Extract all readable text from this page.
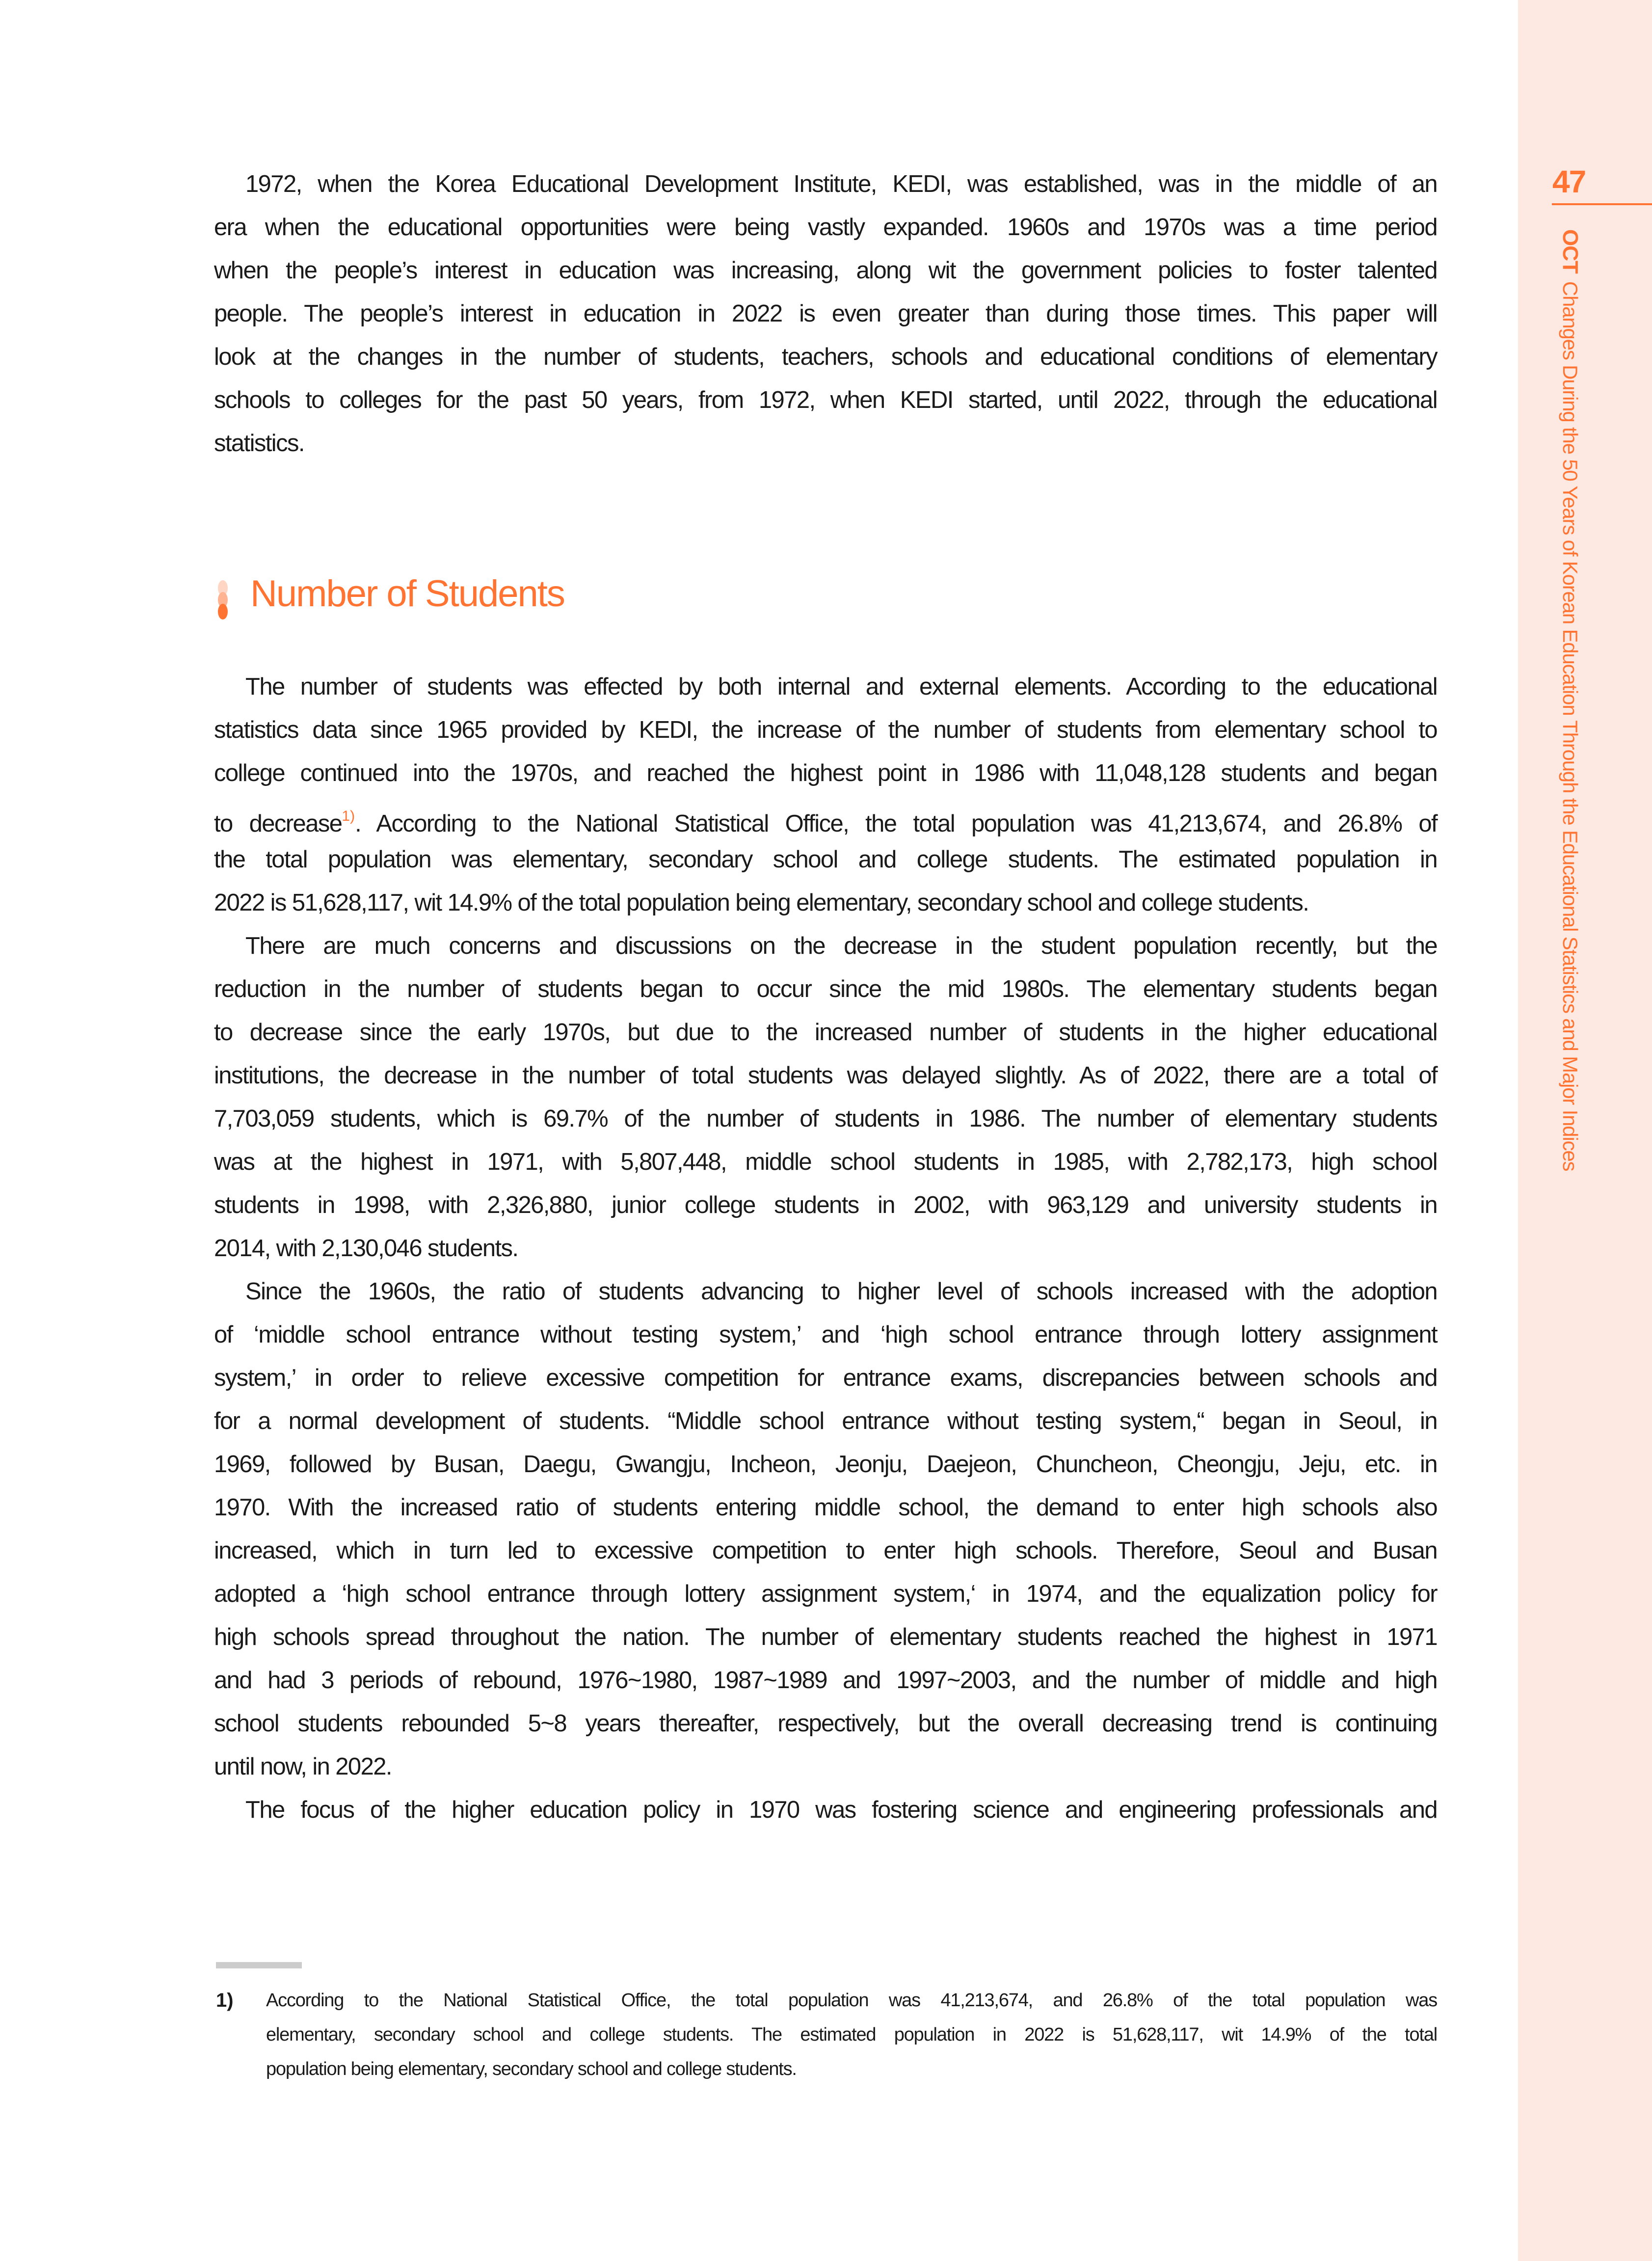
1972, when the Korea Educational Development Institute, KEDI, was established, was in the middle of an
era when the educational opportunities were being vastly expanded. 1960s and 1970s was a time period
when the people’s interest in education was increasing, along wit the government policies to foster talented
people. The people’s interest in education in 2022 is even greater than during those times. This paper will
look at the changes in the number of students, teachers, schools and educational conditions of elementary
schools to colleges for the past 50 years, from 1972, when KEDI started, until 2022, through the educational
statistics.
Number of Students
The number of students was effected by both internal and external elements. According to the educational
statistics data since 1965 provided by KEDI, the increase of the number of students from elementary school to
college continued into the 1970s, and reached the highest point in 1986 with 11,048,128 students and began
to decrease$^{1)}$. According to the National Statistical Office, the total population was 41,213,674, and 26.8% of
the total population was elementary, secondary school and college students. The estimated population in
2022 is 51,628,117, wit 14.9% of the total population being elementary, secondary school and college students.
There are much concerns and discussions on the decrease in the student population recently, but the
reduction in the number of students began to occur since the mid 1980s. The elementary students began
to decrease since the early 1970s, but due to the increased number of students in the higher educational
institutions, the decrease in the number of total students was delayed slightly. As of 2022, there are a total of
7,703,059 students, which is 69.7% of the number of students in 1986. The number of elementary students
was at the highest in 1971, with 5,807,448, middle school students in 1985, with 2,782,173, high school
students in 1998, with 2,326,880, junior college students in 2002, with 963,129 and university students in
2014, with 2,130,046 students.
Since the 1960s, the ratio of students advancing to higher level of schools increased with the adoption
of ‘middle school entrance without testing system,’ and ‘high school entrance through lottery assignment
system,’ in order to relieve excessive competition for entrance exams, discrepancies between schools and
for a normal development of students. “Middle school entrance without testing system,“ began in Seoul, in
1969, followed by Busan, Daegu, Gwangju, Incheon, Jeonju, Daejeon, Chuncheon, Cheongju, Jeju, etc. in
1970. With the increased ratio of students entering middle school, the demand to enter high schools also
increased, which in turn led to excessive competition to enter high schools. Therefore, Seoul and Busan
adopted a ‘high school entrance through lottery assignment system,‘ in 1974, and the equalization policy for
high schools spread throughout the nation. The number of elementary students reached the highest in 1971
and had 3 periods of rebound, 1976~1980, 1987~1989 and 1997~2003, and the number of middle and high
school students rebounded 5~8 years thereafter, respectively, but the overall decreasing trend is continuing
until now, in 2022.
The focus of the higher education policy in 1970 was fostering science and engineering professionals and
1) According to the National Statistical Office, the total population was 41,213,674, and 26.8% of the total population was
elementary, secondary school and college students. The estimated population in 2022 is 51,628,117, wit 14.9% of the total
population being elementary, secondary school and college students.
47
OCT
Changes During the 50 Years of Korean Education Through the Educational Statistics and Major Indices
